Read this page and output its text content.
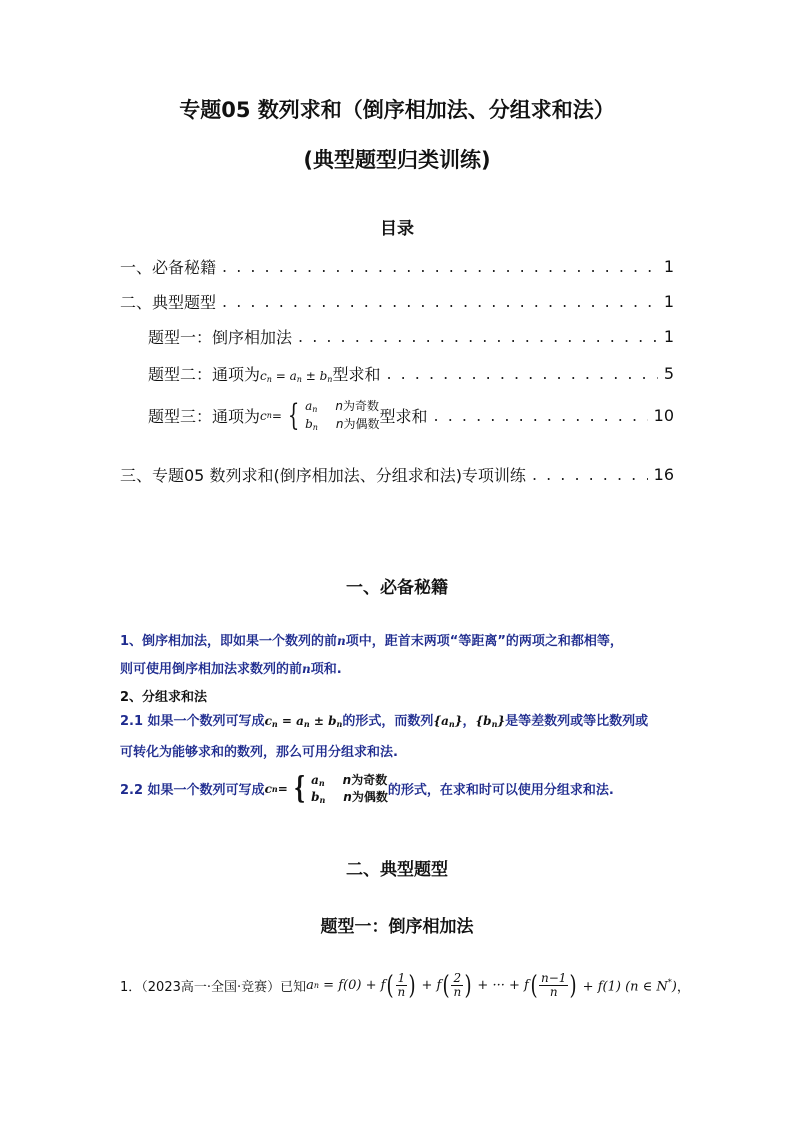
专题05 数列求和（倒序相加法、分组求和法）
(典型题型归类训练)
目录
一、必备秘籍 . . .	1
二、典型题型 . . .	1
题型一：倒序相加法 . . .	1
题型二：通项为$c_n = a_n \pm b_n$型求和 . . .	5
题型三：通项为 c n = { $a_n$ n为奇数
$b_n$ n为偶数 型求和 . . .	10
三、专题05 数列求和(倒序相加法、分组求和法)专项训练 . . .	16
一、必备秘籍
1、倒序相加法，即如果一个数列的前n项中，距首末两项“等距离”的两项之和都相等，
则可使用倒序相加法求数列的前n项和.
2、分组求和法
2.1 如果一个数列可写成$c_n = a_n \pm b_n$的形式，而数列$\{a_n\}$，$\{b_n\}$是等差数列或等比数列或
可转化为能够求和的数列，那么可用分组求和法.
2.2 如果一个数列可写成 c n = { $a_n$ n为奇数
$b_n$ n为偶数 的形式，在求和时可以使用分组求和法.
二、典型题型
题型一：倒序相加法
1．（2023高一·全国·竞赛）已知 a n = f(0) + f ( $\frac{1}{n}$ ) + f ( $\frac{2}{n}$ ) + ··· + f ( $\frac{n-1}{n}$ ) + f(1) (n ∈ N*) ，
